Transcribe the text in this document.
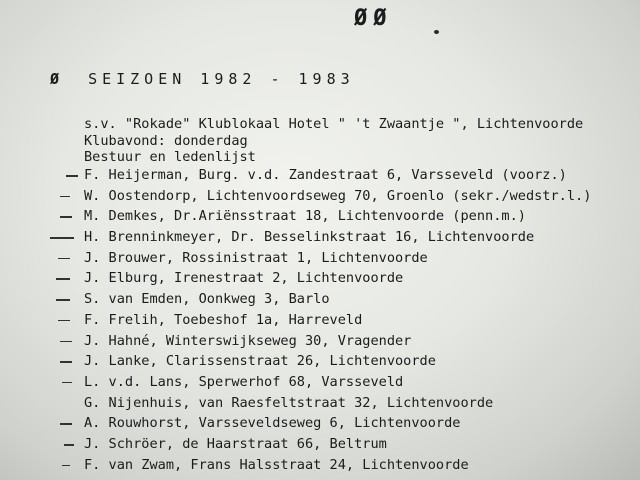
ØØ
Ø SEIZOEN 1982 - 1983
s.v. "Rokade" Klublokaal Hotel " 't Zwaantje ", Lichtenvoorde
Klubavond: donderdag
Bestuur en ledenlijst
F. Heijerman, Burg. v.d. Zandestraat 6, Varsseveld (voorz.)
W. Oostendorp, Lichtenvoordseweg 70, Groenlo (sekr./wedstr.l.)
M. Demkes, Dr.Ariënsstraat 18, Lichtenvoorde (penn.m.)
H. Brenninkmeyer, Dr. Besselinkstraat 16, Lichtenvoorde
J. Brouwer, Rossinistraat 1, Lichtenvoorde
J. Elburg, Irenestraat 2, Lichtenvoorde
S. van Emden, Oonkweg 3, Barlo
F. Frelih, Toebeshof 1a, Harreveld
J. Hahné, Winterswijkseweg 30, Vragender
J. Lanke, Clarissenstraat 26, Lichtenvoorde
L. v.d. Lans, Sperwerhof 68, Varsseveld
G. Nijenhuis, van Raesfeltstraat 32, Lichtenvoorde
A. Rouwhorst, Varsseveldseweg 6, Lichtenvoorde
J. Schröer, de Haarstraat 66, Beltrum
F. van Zwam, Frans Halsstraat 24, Lichtenvoorde
